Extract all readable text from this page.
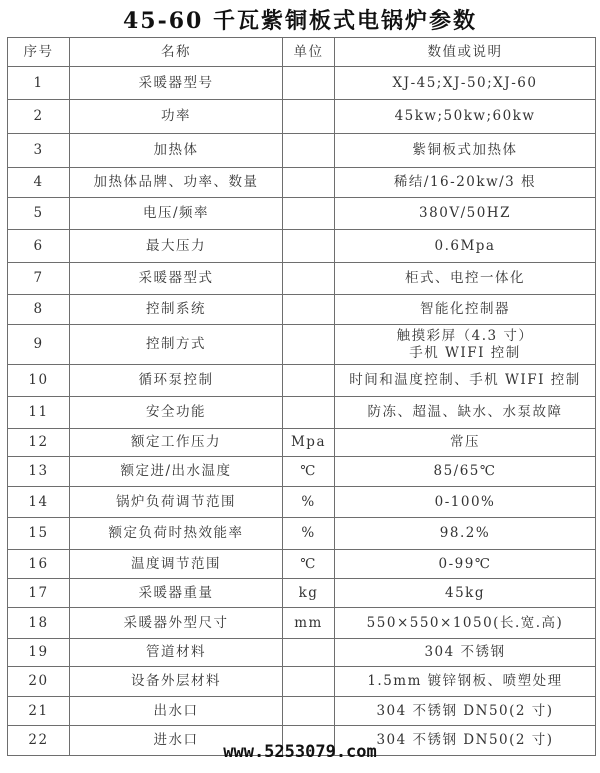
45-60 千瓦紫铜板式电锅炉参数
序号	名称	单位	数值或说明
1	采暖器型号		XJ-45;XJ-50;XJ-60
2	功率		45kw;50kw;60kw
3	加热体		紫铜板式加热体
4	加热体品牌、功率、数量		稀结/16-20kw/3 根
5	电压/频率		380V/50HZ
6	最大压力		0.6Mpa
7	采暖器型式		柜式、电控一体化
8	控制系统		智能化控制器
9	控制方式		触摸彩屏（4.3 寸）
手机 WIFI 控制

10	循环泵控制		时间和温度控制、手机 WIFI 控制
11	安全功能		防冻、超温、缺水、水泵故障
12	额定工作压力	Mpa	常压
13	额定进/出水温度	℃	85/65℃
14	锅炉负荷调节范围	%	0-100%
15	额定负荷时热效能率	%	98.2%
16	温度调节范围	℃	0-99℃
17	采暖器重量	kg	45kg
18	采暖器外型尺寸	mm	550×550×1050(长.宽.高)
19	管道材料		304 不锈钢
20	设备外层材料		1.5mm 镀锌钢板、喷塑处理
21	出水口		304 不锈钢 DN50(2 寸)
22	进水口		304 不锈钢 DN50(2 寸)
www.5253079.com
